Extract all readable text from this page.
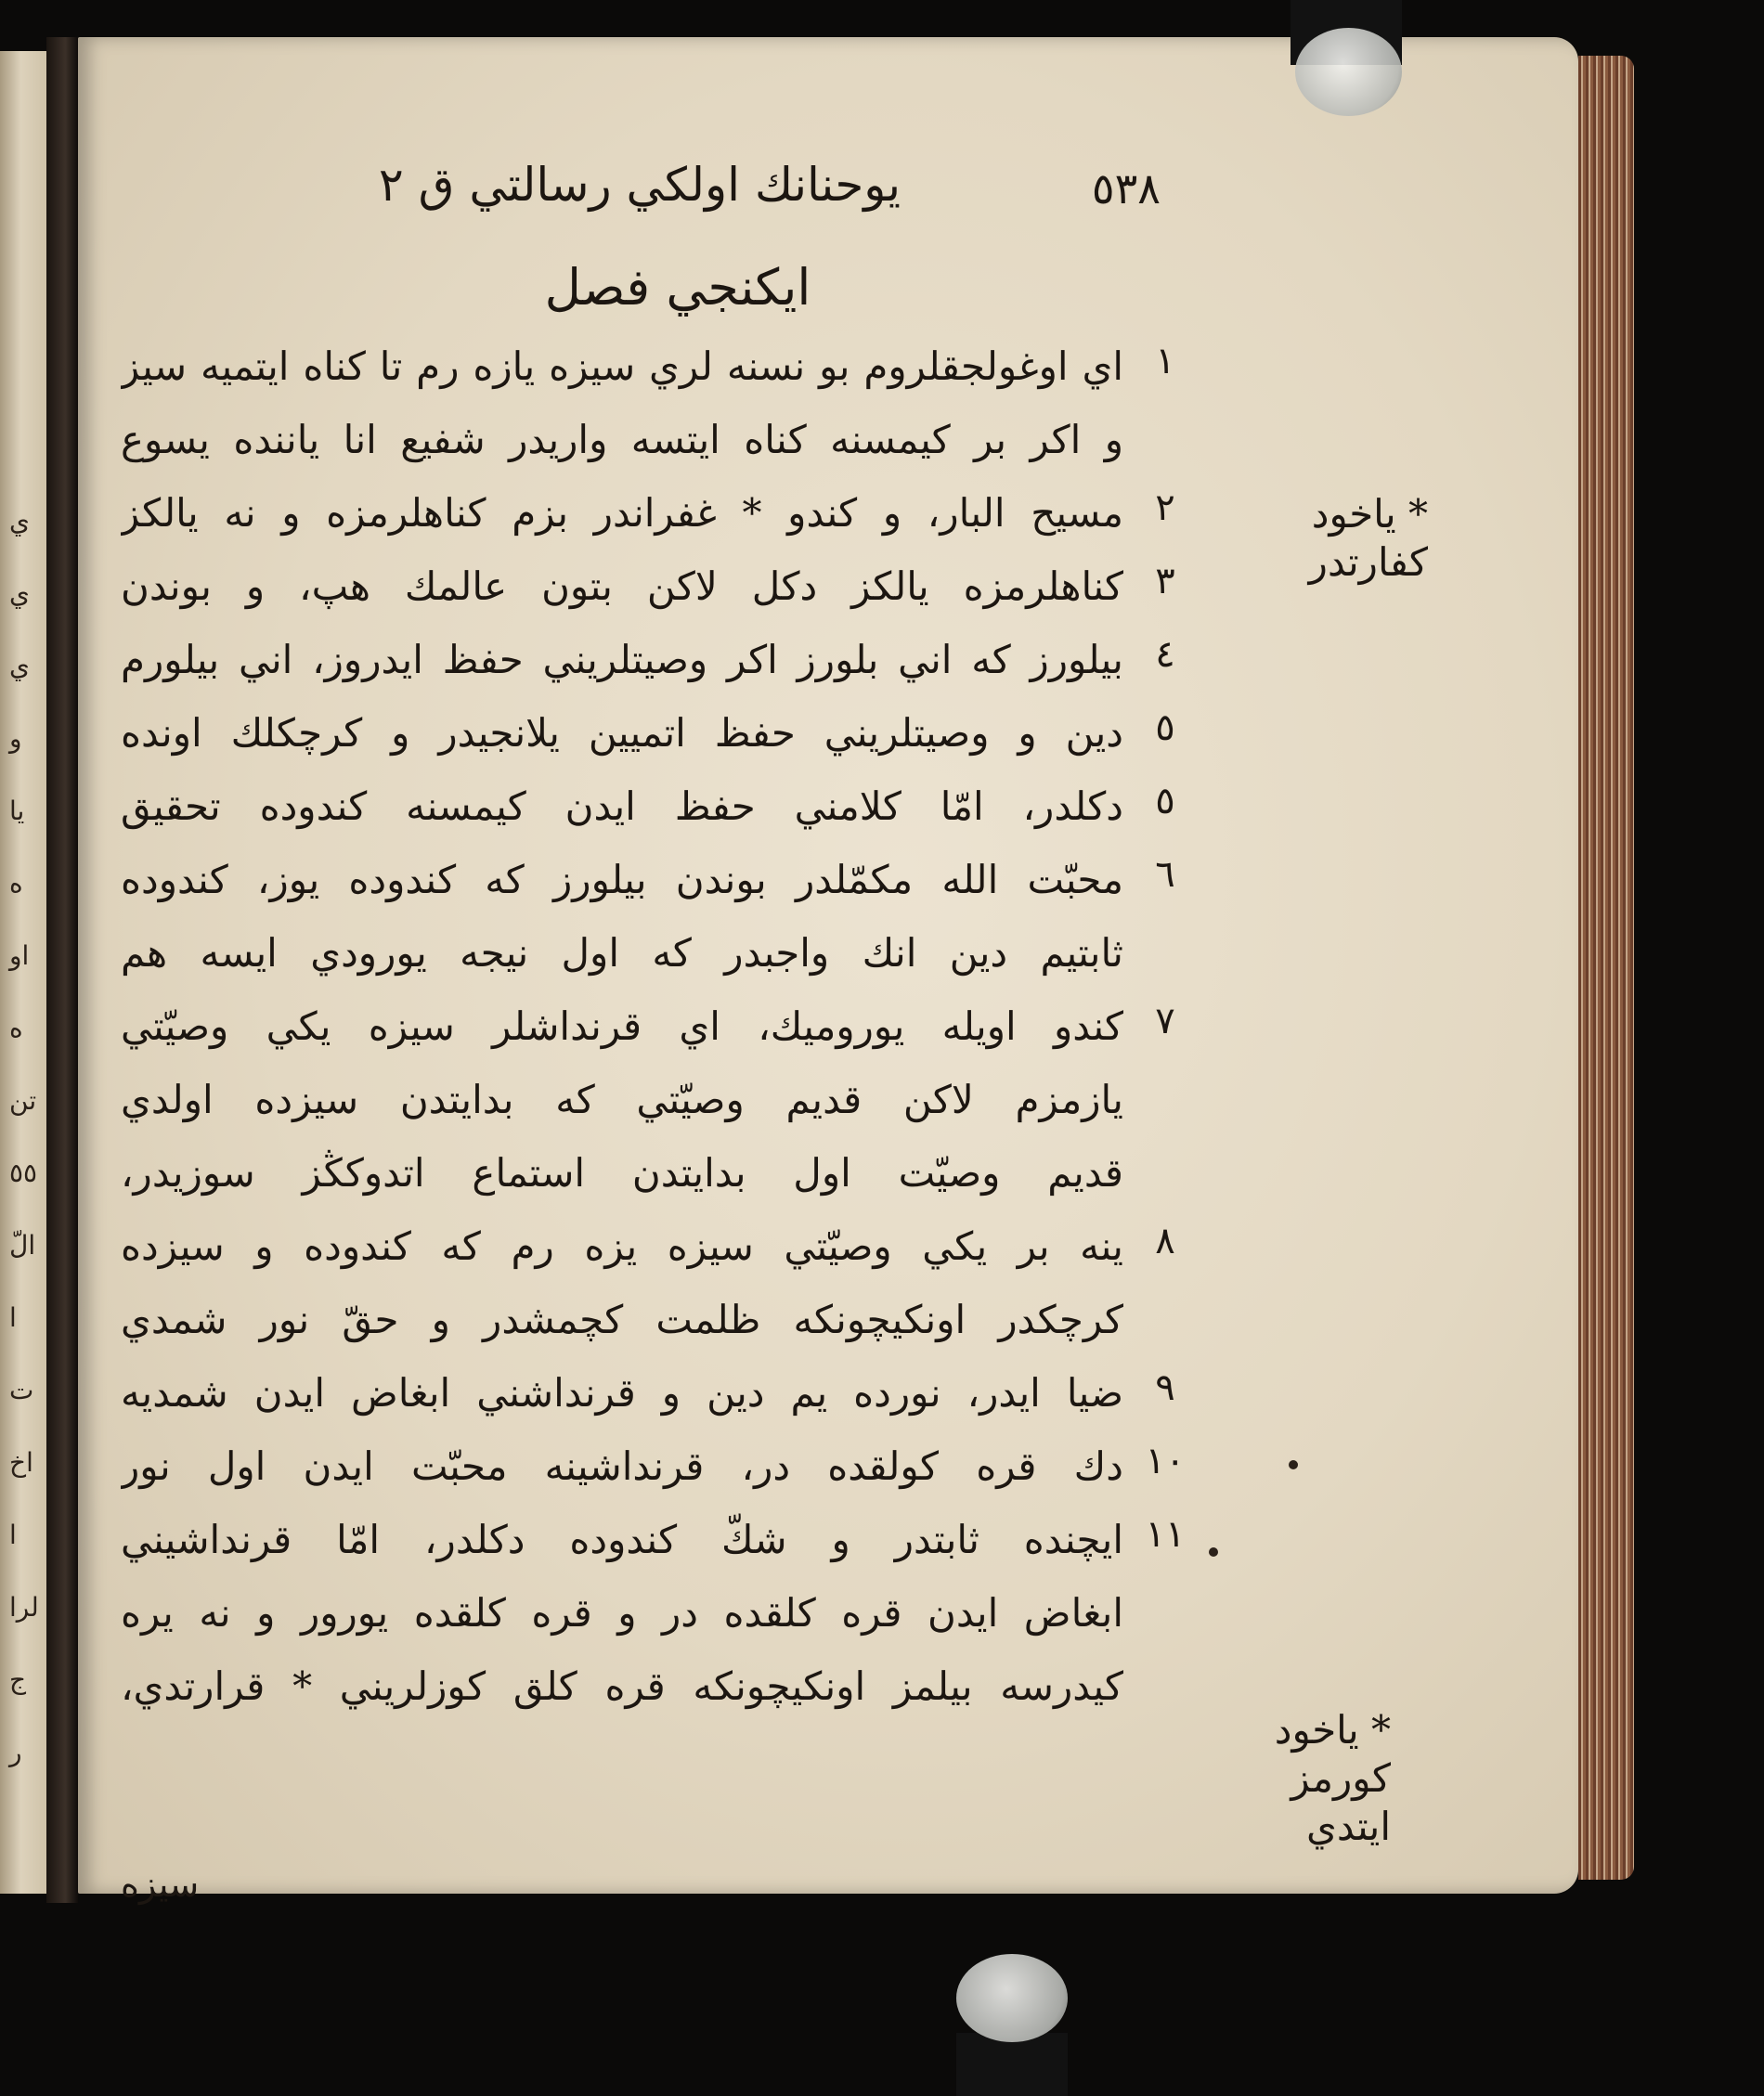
ي
ي
ي
و
يا
ه
او
ه
تن
٥٥
الّ
ا
ت
اخ
ا
لرا
ج
ر
يوحنانك اولكي رسالتي ق ٢	٥٣٨
ايكنجي فصل
١
اي اوغولجقلروم بو نسنه لري سيزه يازه رم تا كناه ايتميه سيز
و اكر بر كيمسنه كناه ايتسه واريدر شفيع انا ياننده يسوع
٢
مسيح البار، و كندو * غفراندر بزم كناهلرمزه و نه يالكز
٣
كناهلرمزه يالكز دكل لاكن بتون عالمك هپ، و بوندن
٤
بيلورز كه اني بلورز اكر وصيتلريني حفظ ايدروز، اني بيلورم
٥
دين و وصيتلريني حفظ اتميين يلانجيدر و كرچكلك اونده
٥
دكلدر، امّا كلامني حفظ ايدن كيمسنه كندوده تحقيق
٦
محبّت الله مكمّلدر بوندن بيلورز كه كندوده يوز، كندوده
ثابتيم دين انك واجبدر كه اول نيجه يورودي ايسه هم
٧
كندو اويله يوروميك، اي قرنداشلر سيزه يكي وصيّتي
يازمزم لاكن قديم وصيّتي كه بدايتدن سيزده اولدي
قديم وصيّت اول بدايتدن استماع اتدوكڭز سوزيدر،
٨
ينه بر يكي وصيّتي سيزه يزه رم كه كندوده و سيزده
كرچكدر اونكيچونكه ظلمت كچمشدر و حقّ نور شمدي
٩
ضيا ايدر، نورده يم دين و قرنداشني ابغاض ايدن شمديه
١٠
دك قره كولقده در، قرنداشينه محبّت ايدن اول نور
١١
ايچنده ثابتدر و شكّ كندوده دكلدر، امّا قرنداشيني
ابغاض ايدن قره كلقده در و قره كلقده يورور و نه يره
كيدرسه بيلمز اونكيچونكه قره كلق كوزلريني * قرارتدي،
* ياخود كفارتدر
* ياخود كورمز ايتدي
سيزه
